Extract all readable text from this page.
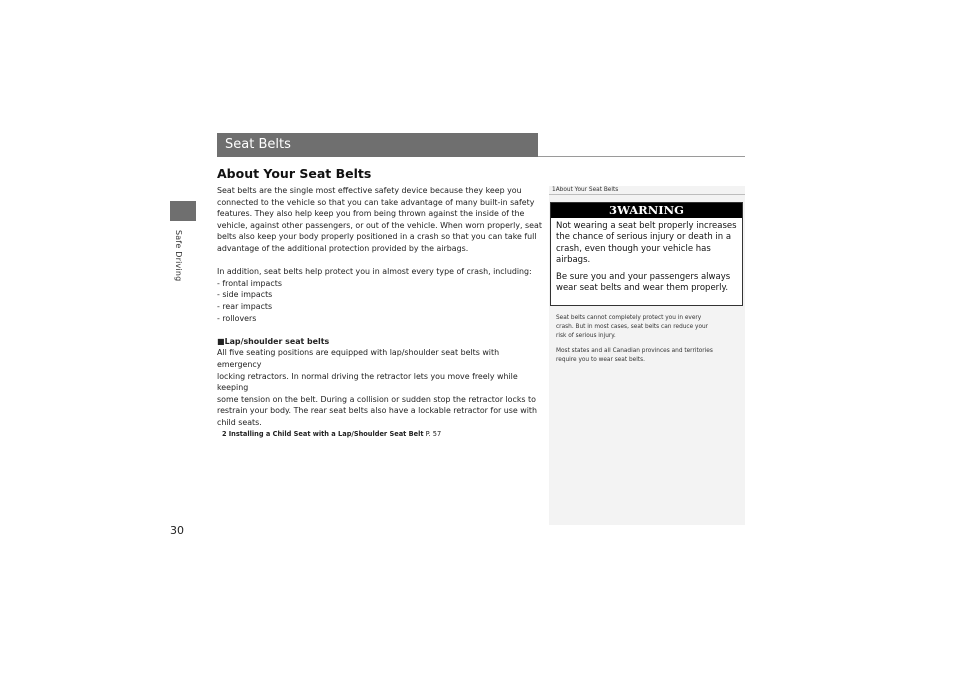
Safe Driving
30
Seat Belts
About Your Seat Belts

Seat belts are the single most effective safety device because they keep you

connected to the vehicle so that you can take advantage of many built-in safety

features. They also help keep you from being thrown against the inside of the

vehicle, against other passengers, or out of the vehicle. When worn properly, seat

belts also keep your body properly positioned in a crash so that you can take full

advantage of the additional protection provided by the airbags.

In addition, seat belts help protect you in almost every type of crash, including:

- frontal impacts
- side impacts
- rear impacts
- rollovers

■Lap/shoulder seat belts

All five seating positions are equipped with lap/shoulder seat belts with emergency

locking retractors. In normal driving the retractor lets you move freely while keeping

some tension on the belt. During a collision or sudden stop the retractor locks to

restrain your body. The rear seat belts also have a lockable retractor for use with

child seats.

2 Installing a Child Seat with a Lap/Shoulder Seat Belt P. 57
1About Your Seat Belts
3WARNING

Not wearing a seat belt properly increases

the chance of serious injury or death in a

crash, even though your vehicle has

airbags.

Be sure you and your passengers always

wear seat belts and wear them properly.

Seat belts cannot completely protect you in every
crash. But in most cases, seat belts can reduce your
risk of serious injury.

Most states and all Canadian provinces and territories
require you to wear seat belts.
